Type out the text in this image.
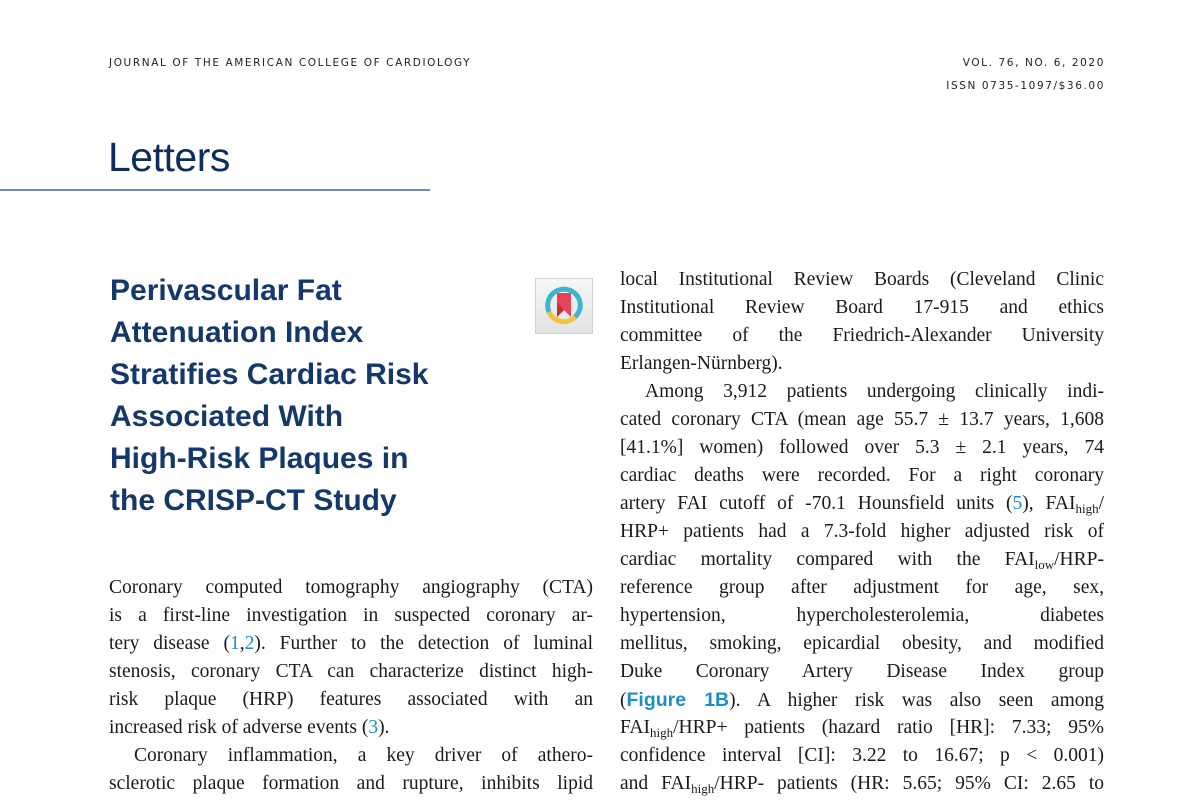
JOURNAL OF THE AMERICAN COLLEGE OF CARDIOLOGY	VOL. 76, NO. 6, 2020
ISSN 0735-1097/$36.00
Letters
Perivascular Fat
Attenuation Index
Stratifies Cardiac Risk
Associated With
High-Risk Plaques in
the CRISP-CT Study
Coronary computed tomography angiography (CTA)
is a first-line investigation in suspected coronary ar-
tery disease (1,2). Further to the detection of luminal
stenosis, coronary CTA can characterize distinct high-
risk plaque (HRP) features associated with an
increased risk of adverse events (3).
Coronary inflammation, a key driver of athero-
sclerotic plaque formation and rupture, inhibits lipid
local Institutional Review Boards (Cleveland Clinic
Institutional Review Board 17-915 and ethics
committee of the Friedrich-Alexander University
Erlangen-Nürnberg).
Among 3,912 patients undergoing clinically indi-
cated coronary CTA (mean age 55.7 ± 13.7 years, 1,608
[41.1%] women) followed over 5.3 ± 2.1 years, 74
cardiac deaths were recorded. For a right coronary
artery FAI cutoff of -70.1 Hounsfield units (5), $FAI_{high}/$
HRP+ patients had a 7.3-fold higher adjusted risk of
cardiac mortality compared with the $FAI_{low}/HRP-$
reference group after adjustment for age, sex,
hypertension, hypercholesterolemia, diabetes
mellitus, smoking, epicardial obesity, and modified
Duke Coronary Artery Disease Index group
(Figure 1B). A higher risk was also seen among
$FAI_{high}/HRP+$ patients (hazard ratio [HR]: 7.33; 95%
confidence interval [CI]: 3.22 to 16.67; p < 0.001)
and $FAI_{high}/HRP-$ patients (HR: 5.65; 95% CI: 2.65 to
